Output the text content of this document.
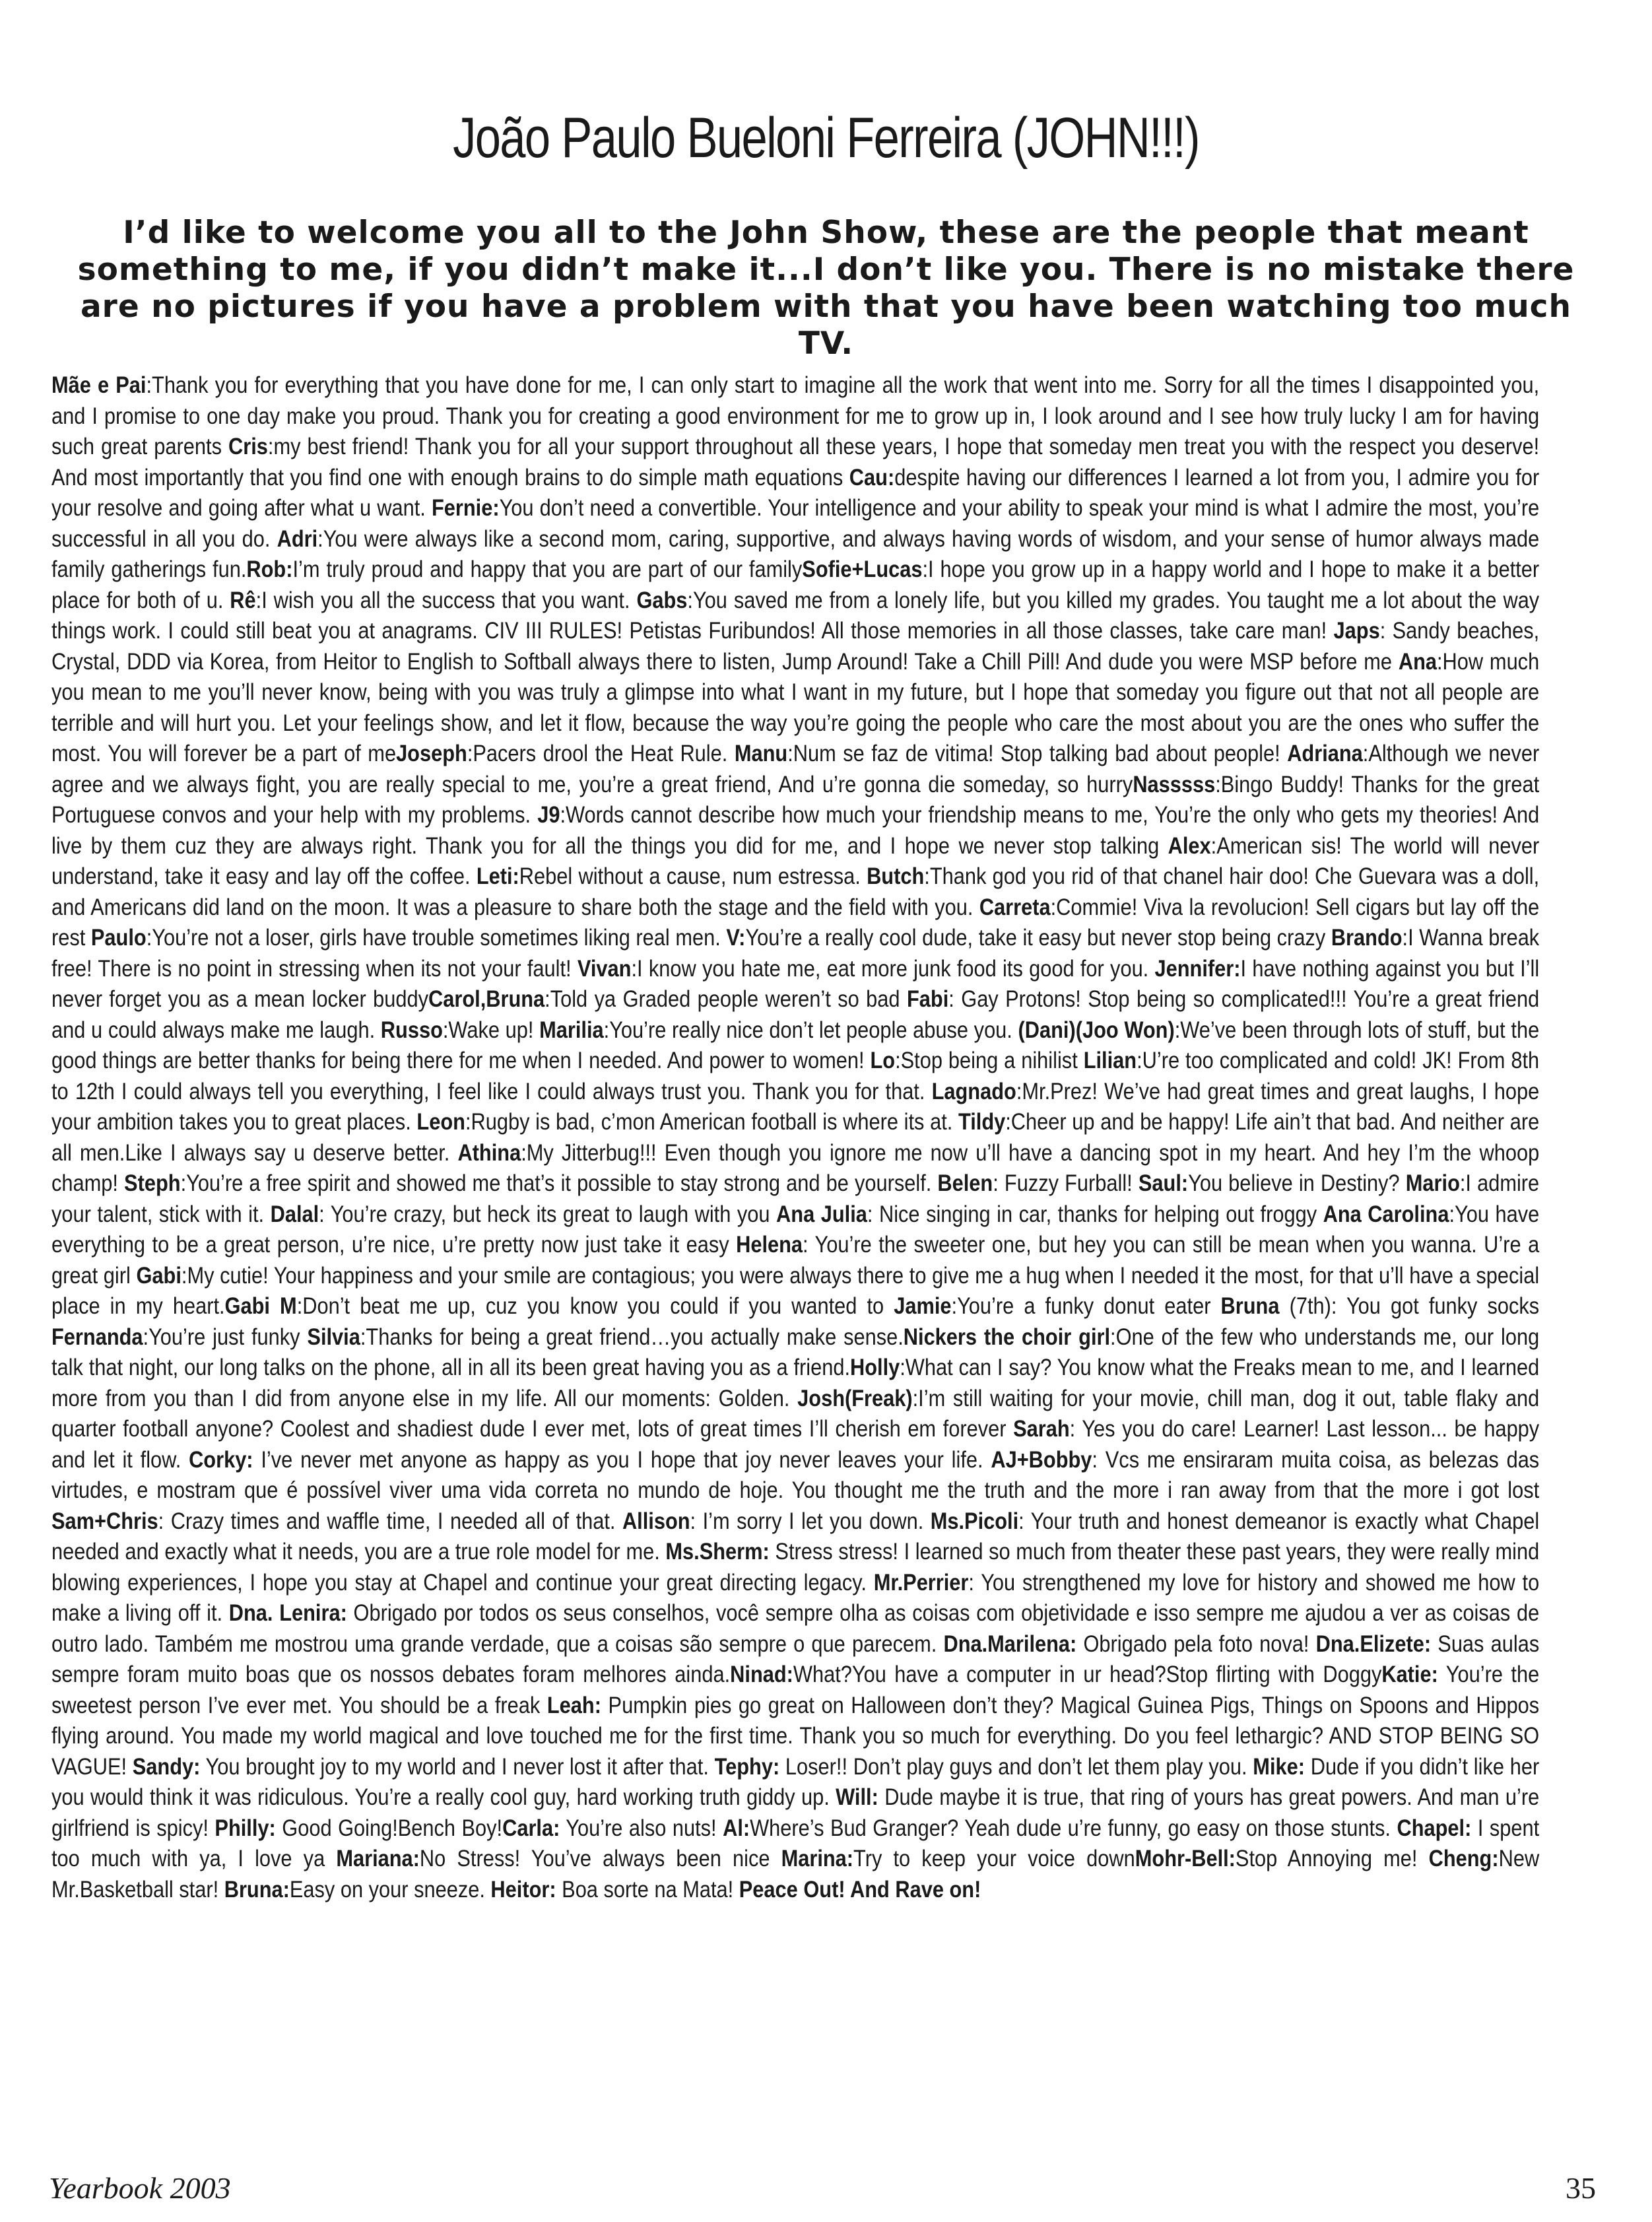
João Paulo Bueloni Ferreira (JOHN!!!)
I’d like to welcome you all to the John Show, these are the people that meant something to me, if you didn’t make it...I don’t like you. There is no mistake there are no pictures if you have a problem with that you have been watching too much TV.
Mãe e Pai:Thank you for everything that you have done for me, I can only start to imagine all the work that went into me. Sorry for all the times I disappointed you, and I promise to one day make you proud. Thank you for creating a good environment for me to grow up in, I look around and I see how truly lucky I am for having such great parents Cris:my best friend! Thank you for all your support throughout all these years, I hope that someday men treat you with the respect you deserve! And most importantly that you find one with enough brains to do simple math equations Cau:despite having our differences I learned a lot from you, I admire you for your resolve and going after what u want. Fernie:You don’t need a convertible. Your intelligence and your ability to speak your mind is what I admire the most, you’re successful in all you do. Adri:You were always like a second mom, caring, supportive, and always having words of wisdom, and your sense of humor always made family gatherings fun.Rob:I’m truly proud and happy that you are part of our familySofie+Lucas:I hope you grow up in a happy world and I hope to make it a better place for both of u. Rê:I wish you all the success that you want. Gabs:You saved me from a lonely life, but you killed my grades. You taught me a lot about the way things work. I could still beat you at anagrams. CIV III RULES! Petistas Furibundos! All those memories in all those classes, take care man! Japs: Sandy beaches, Crystal, DDD via Korea, from Heitor to English to Softball always there to listen, Jump Around! Take a Chill Pill! And dude you were MSP before me Ana:How much you mean to me you’ll never know, being with you was truly a glimpse into what I want in my future, but I hope that someday you figure out that not all people are terrible and will hurt you. Let your feelings show, and let it flow, because the way you’re going the people who care the most about you are the ones who suffer the most. You will forever be a part of meJoseph:Pacers drool the Heat Rule. Manu:Num se faz de vitima! Stop talking bad about people! Adriana:Although we never agree and we always fight, you are really special to me, you’re a great friend, And u’re gonna die someday, so hurryNasssss:Bingo Buddy! Thanks for the great Portuguese convos and your help with my problems. J9:Words cannot describe how much your friendship means to me, You’re the only who gets my theories! And live by them cuz they are always right. Thank you for all the things you did for me, and I hope we never stop talking Alex:American sis! The world will never understand, take it easy and lay off the coffee. Leti:Rebel without a cause, num estressa. Butch:Thank god you rid of that chanel hair doo! Che Guevara was a doll, and Americans did land on the moon. It was a pleasure to share both the stage and the field with you. Carreta:Commie! Viva la revolucion! Sell cigars but lay off the rest Paulo:You’re not a loser, girls have trouble sometimes liking real men. V:You’re a really cool dude, take it easy but never stop being crazy Brando:I Wanna break free! There is no point in stressing when its not your fault! Vivan:I know you hate me, eat more junk food its good for you. Jennifer:I have nothing against you but I’ll never forget you as a mean locker buddyCarol,Bruna:Told ya Graded people weren’t so bad Fabi: Gay Protons! Stop being so complicated!!! You’re a great friend and u could always make me laugh. Russo:Wake up! Marilia:You’re really nice don’t let people abuse you. (Dani)(Joo Won):We’ve been through lots of stuff, but the good things are better thanks for being there for me when I needed. And power to women! Lo:Stop being a nihilist Lilian:U’re too complicated and cold! JK! From 8th to 12th I could always tell you everything, I feel like I could always trust you. Thank you for that. Lagnado:Mr.Prez! We’ve had great times and great laughs, I hope your ambition takes you to great places. Leon:Rugby is bad, c’mon American football is where its at. Tildy:Cheer up and be happy! Life ain’t that bad. And neither are all men.Like I always say u deserve better. Athina:My Jitterbug!!! Even though you ignore me now u’ll have a dancing spot in my heart. And hey I’m the whoop champ! Steph:You’re a free spirit and showed me that’s it possible to stay strong and be yourself. Belen: Fuzzy Furball! Saul:You believe in Destiny? Mario:I admire your talent, stick with it. Dalal: You’re crazy, but heck its great to laugh with you Ana Julia: Nice singing in car, thanks for helping out froggy Ana Carolina:You have everything to be a great person, u’re nice, u’re pretty now just take it easy Helena: You’re the sweeter one, but hey you can still be mean when you wanna. U’re a great girl Gabi:My cutie! Your happiness and your smile are contagious; you were always there to give me a hug when I needed it the most, for that u’ll have a special place in my heart.Gabi M:Don’t beat me up, cuz you know you could if you wanted to Jamie:You’re a funky donut eater Bruna (7th): You got funky socks Fernanda:You’re just funky Silvia:Thanks for being a great friend…you actually make sense.Nickers the choir girl:One of the few who understands me, our long talk that night, our long talks on the phone, all in all its been great having you as a friend.Holly:What can I say? You know what the Freaks mean to me, and I learned more from you than I did from anyone else in my life. All our moments: Golden. Josh(Freak):I’m still waiting for your movie, chill man, dog it out, table flaky and quarter football anyone? Coolest and shadiest dude I ever met, lots of great times I’ll cherish em forever Sarah: Yes you do care! Learner! Last lesson... be happy and let it flow. Corky: I’ve never met anyone as happy as you I hope that joy never leaves your life. AJ+Bobby: Vcs me ensiraram muita coisa, as belezas das virtudes, e mostram que é possível viver uma vida correta no mundo de hoje. You thought me the truth and the more i ran away from that the more i got lost Sam+Chris: Crazy times and waffle time, I needed all of that. Allison: I’m sorry I let you down. Ms.Picoli: Your truth and honest demeanor is exactly what Chapel needed and exactly what it needs, you are a true role model for me. Ms.Sherm: Stress stress! I learned so much from theater these past years, they were really mind blowing experiences, I hope you stay at Chapel and continue your great directing legacy. Mr.Perrier: You strengthened my love for history and showed me how to make a living off it. Dna. Lenira: Obrigado por todos os seus conselhos, você sempre olha as coisas com objetividade e isso sempre me ajudou a ver as coisas de outro lado. Também me mostrou uma grande verdade, que a coisas são sempre o que parecem. Dna.Marilena: Obrigado pela foto nova! Dna.Elizete: Suas aulas sempre foram muito boas que os nossos debates foram melhores ainda.Ninad:What?You have a computer in ur head?Stop flirting with DoggyKatie: You’re the sweetest person I’ve ever met. You should be a freak Leah: Pumpkin pies go great on Halloween don’t they? Magical Guinea Pigs, Things on Spoons and Hippos flying around. You made my world magical and love touched me for the first time. Thank you so much for everything. Do you feel lethargic? AND STOP BEING SO VAGUE! Sandy: You brought joy to my world and I never lost it after that. Tephy: Loser!! Don’t play guys and don’t let them play you. Mike: Dude if you didn’t like her you would think it was ridiculous. You’re a really cool guy, hard working truth giddy up. Will: Dude maybe it is true, that ring of yours has great powers. And man u’re girlfriend is spicy! Philly: Good Going!Bench Boy!Carla: You’re also nuts! Al:Where’s Bud Granger? Yeah dude u’re funny, go easy on those stunts. Chapel: I spent too much with ya, I love ya Mariana:No Stress! You’ve always been nice Marina:Try to keep your voice downMohr-Bell:Stop Annoying me! Cheng:New Mr.Basketball star! Bruna:Easy on your sneeze. Heitor: Boa sorte na Mata! Peace Out! And Rave on!
Yearbook 2003	35
